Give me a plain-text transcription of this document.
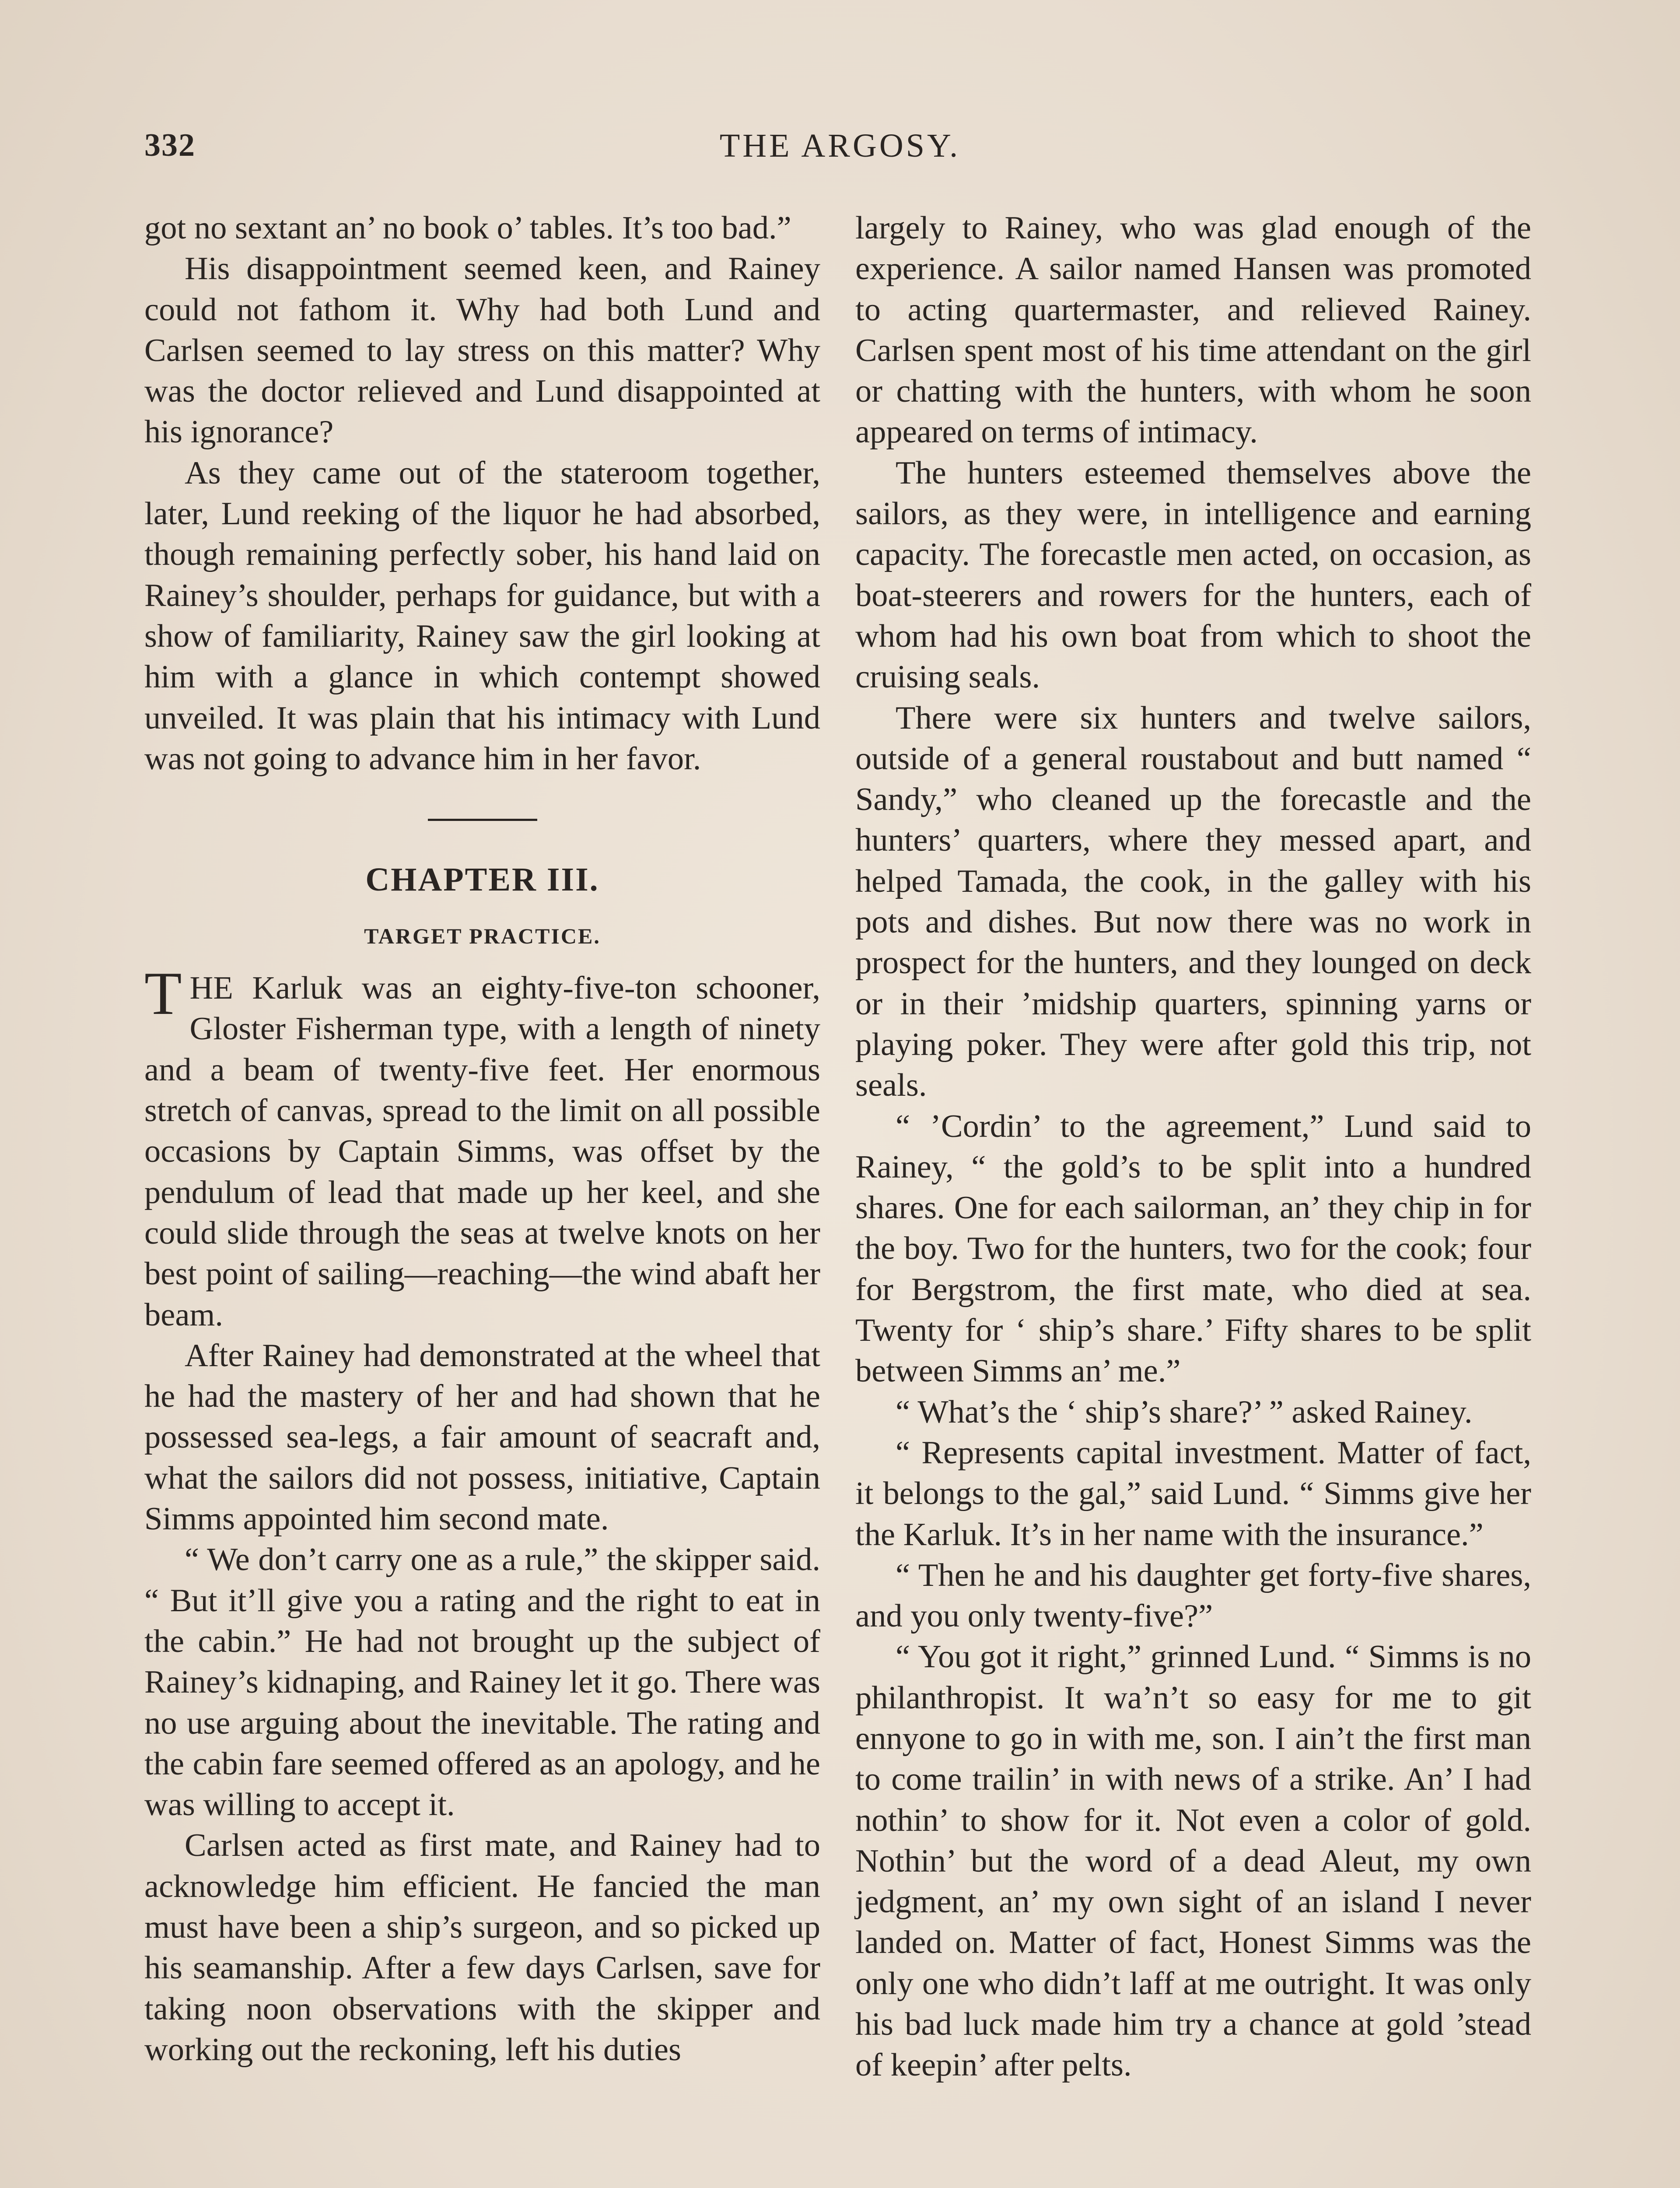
332	THE ARGOSY.

got no sextant an’ no book o’ tables. It’s too bad.”

His disappointment seemed keen, and Rainey could not fathom it. Why had both Lund and Carlsen seemed to lay stress on this matter? Why was the doctor relieved and Lund disappointed at his ignorance?

As they came out of the stateroom together, later, Lund reeking of the liquor he had absorbed, though remaining perfectly sober, his hand laid on Rainey’s shoulder, perhaps for guidance, but with a show of familiarity, Rainey saw the girl looking at him with a glance in which contempt showed unveiled. It was plain that his intimacy with Lund was not going to advance him in her favor.

CHAPTER III.
TARGET PRACTICE.

THE Karluk was an eighty-five-ton schooner, Gloster Fisherman type, with a length of ninety and a beam of twenty-five feet. Her enormous stretch of canvas, spread to the limit on all possible occasions by Captain Simms, was offset by the pendulum of lead that made up her keel, and she could slide through the seas at twelve knots on her best point of sailing—reaching—the wind abaft her beam.

After Rainey had demonstrated at the wheel that he had the mastery of her and had shown that he possessed sea-legs, a fair amount of seacraft and, what the sailors did not possess, initiative, Captain Simms appointed him second mate.

“ We don’t carry one as a rule,” the skipper said. “ But it’ll give you a rating and the right to eat in the cabin.” He had not brought up the subject of Rainey’s kidnaping, and Rainey let it go. There was no use arguing about the inevitable. The rating and the cabin fare seemed offered as an apology, and he was willing to accept it.

Carlsen acted as first mate, and Rainey had to acknowledge him efficient. He fancied the man must have been a ship’s surgeon, and so picked up his seamanship. After a few days Carlsen, save for taking noon observations with the skipper and working out the reckoning, left his duties

largely to Rainey, who was glad enough of the experience. A sailor named Hansen was promoted to acting quartermaster, and relieved Rainey. Carlsen spent most of his time attendant on the girl or chatting with the hunters, with whom he soon appeared on terms of intimacy.

The hunters esteemed themselves above the sailors, as they were, in intelligence and earning capacity. The forecastle men acted, on occasion, as boat-steerers and rowers for the hunters, each of whom had his own boat from which to shoot the cruising seals.

There were six hunters and twelve sailors, outside of a general roustabout and butt named “ Sandy,” who cleaned up the forecastle and the hunters’ quarters, where they messed apart, and helped Tamada, the cook, in the galley with his pots and dishes. But now there was no work in prospect for the hunters, and they lounged on deck or in their ’midship quarters, spinning yarns or playing poker. They were after gold this trip, not seals.

“ ’Cordin’ to the agreement,” Lund said to Rainey, “ the gold’s to be split into a hundred shares. One for each sailorman, an’ they chip in for the boy. Two for the hunters, two for the cook; four for Bergstrom, the first mate, who died at sea. Twenty for ‘ ship’s share.’ Fifty shares to be split between Simms an’ me.”

“ What’s the ‘ ship’s share?’ ” asked Rainey.

“ Represents capital investment. Matter of fact, it belongs to the gal,” said Lund. “ Simms give her the Karluk. It’s in her name with the insurance.”

“ Then he and his daughter get forty-five shares, and you only twenty-five?”

“ You got it right,” grinned Lund. “ Simms is no philanthropist. It wa’n’t so easy for me to git ennyone to go in with me, son. I ain’t the first man to come trailin’ in with news of a strike. An’ I had nothin’ to show for it. Not even a color of gold. Nothin’ but the word of a dead Aleut, my own jedgment, an’ my own sight of an island I never landed on. Matter of fact, Honest Simms was the only one who didn’t laff at me outright. It was only his bad luck made him try a chance at gold ’stead of keepin’ after pelts.
